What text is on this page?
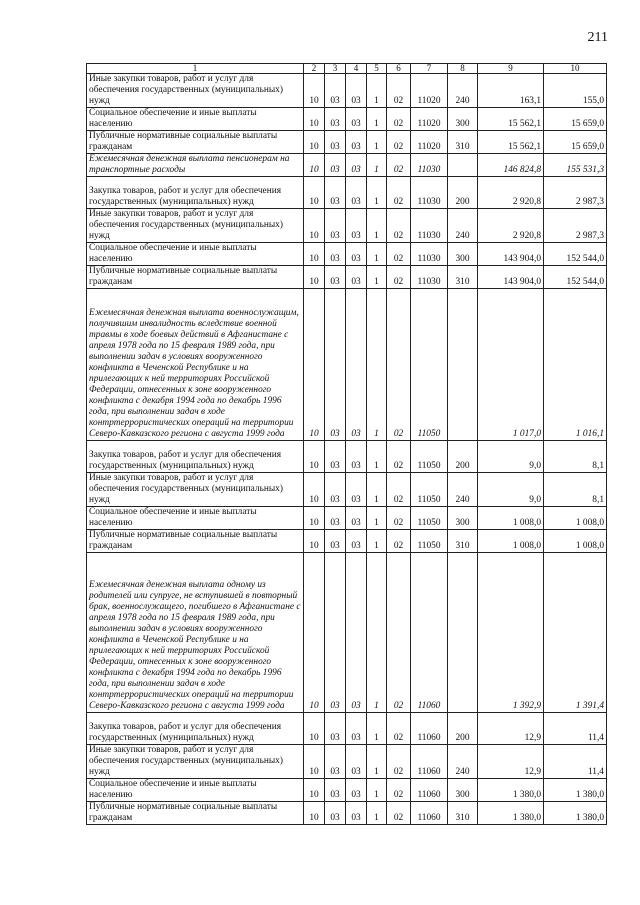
211
1	2	3	4	5	6	7	8	9	10
Иные закупки товаров, работ и услуг для обеспечения государственных (муниципальных) нужд	10	03	03	1	02	11020	240	163,1	155,0
Социальное обеспечение и иные выплаты населению	10	03	03	1	02	11020	300	15 562,1	15 659,0
Публичные нормативные социальные выплаты гражданам	10	03	03	1	02	11020	310	15 562,1	15 659,0
Ежемесячная денежная выплата пенсионерам на транспортные расходы	10	03	03	1	02	11030		146 824,8	155 531,3
Закупка товаров, работ и услуг для обеспечения государственных (муниципальных) нужд	10	03	03	1	02	11030	200	2 920,8	2 987,3
Иные закупки товаров, работ и услуг для обеспечения государственных (муниципальных) нужд	10	03	03	1	02	11030	240	2 920,8	2 987,3
Социальное обеспечение и иные выплаты населению	10	03	03	1	02	11030	300	143 904,0	152 544,0
Публичные нормативные социальные выплаты гражданам	10	03	03	1	02	11030	310	143 904,0	152 544,0
Ежемесячная денежная выплата военнослужащим, получившим инвалидность вследствие военной травмы в ходе боевых действий в Афганистане с апреля 1978 года по 15 февраля 1989 года, при выполнении задач в условиях вооруженного конфликта в Чеченской Республике и на прилегающих к ней территориях Российской Федерации, отнесенных к зоне вооруженного конфликта с декабря 1994 года по декабрь 1996 года, при выполнении задач в ходе контртеррористических операций на территории Северо-Кавказского региона с августа 1999 года	10	03	03	1	02	11050		1 017,0	1 016,1
Закупка товаров, работ и услуг для обеспечения государственных (муниципальных) нужд	10	03	03	1	02	11050	200	9,0	8,1
Иные закупки товаров, работ и услуг для обеспечения государственных (муниципальных) нужд	10	03	03	1	02	11050	240	9,0	8,1
Социальное обеспечение и иные выплаты населению	10	03	03	1	02	11050	300	1 008,0	1 008,0
Публичные нормативные социальные выплаты гражданам	10	03	03	1	02	11050	310	1 008,0	1 008,0
Ежемесячная денежная выплата одному из родителей или супруге, не вступившей в повторный брак, военнослужащего, погибшего в Афганистане с апреля 1978 года по 15 февраля 1989 года, при выполнении задач в условиях вооруженного конфликта в Чеченской Республике и на прилегающих к ней территориях Российской Федерации, отнесенных к зоне вооруженного конфликта с декабря 1994 года по декабрь 1996 года, при выполнении задач в ходе контртеррористических операций на территории Северо-Кавказского региона с августа 1999 года	10	03	03	1	02	11060		1 392,9	1 391,4
Закупка товаров, работ и услуг для обеспечения государственных (муниципальных) нужд	10	03	03	1	02	11060	200	12,9	11,4
Иные закупки товаров, работ и услуг для обеспечения государственных (муниципальных) нужд	10	03	03	1	02	11060	240	12,9	11,4
Социальное обеспечение и иные выплаты населению	10	03	03	1	02	11060	300	1 380,0	1 380,0
Публичные нормативные социальные выплаты гражданам	10	03	03	1	02	11060	310	1 380,0	1 380,0
